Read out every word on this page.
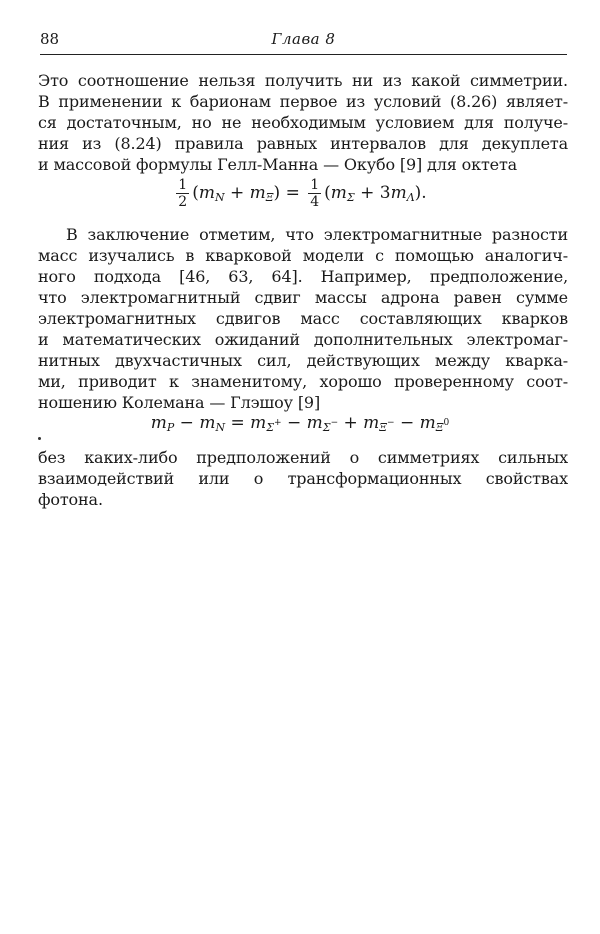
88	Глава 8

Это соотношение нельзя получить ни из какой симметрии.
В применении к барионам первое из условий (8.26) являет-
ся достаточным, но не необходимым условием для получе-
ния из (8.24) правила равных интервалов для декуплета
и массовой формулы Гелл-Манна — Окубо [9] для октета

$\frac{1}{2} (m_N + m_\Xi) = \frac{1}{4} (m_\Sigma + 3m_\Lambda)$.

В заключение отметим, что электромагнитные разности
масс изучались в кварковой модели с помощью аналогич-
ного подхода [46, 63, 64]. Например, предположение,
что электромагнитный сдвиг массы адрона равен сумме
электромагнитных сдвигов масс составляющих кварков
и математических ожиданий дополнительных электромаг-
нитных двухчастичных сил, действующих между кварка-
ми, приводит к знаменитому, хорошо проверенному соот-
ношению Колемана — Глэшоу [9]

$m_P - m_N = m_\Sigma+ - m_\Sigma- + m_\Xi- - m_\Xi 0$

без каких-либо предположений о симметриях сильных
взаимодействий или о трансформационных свойствах
фотона.
